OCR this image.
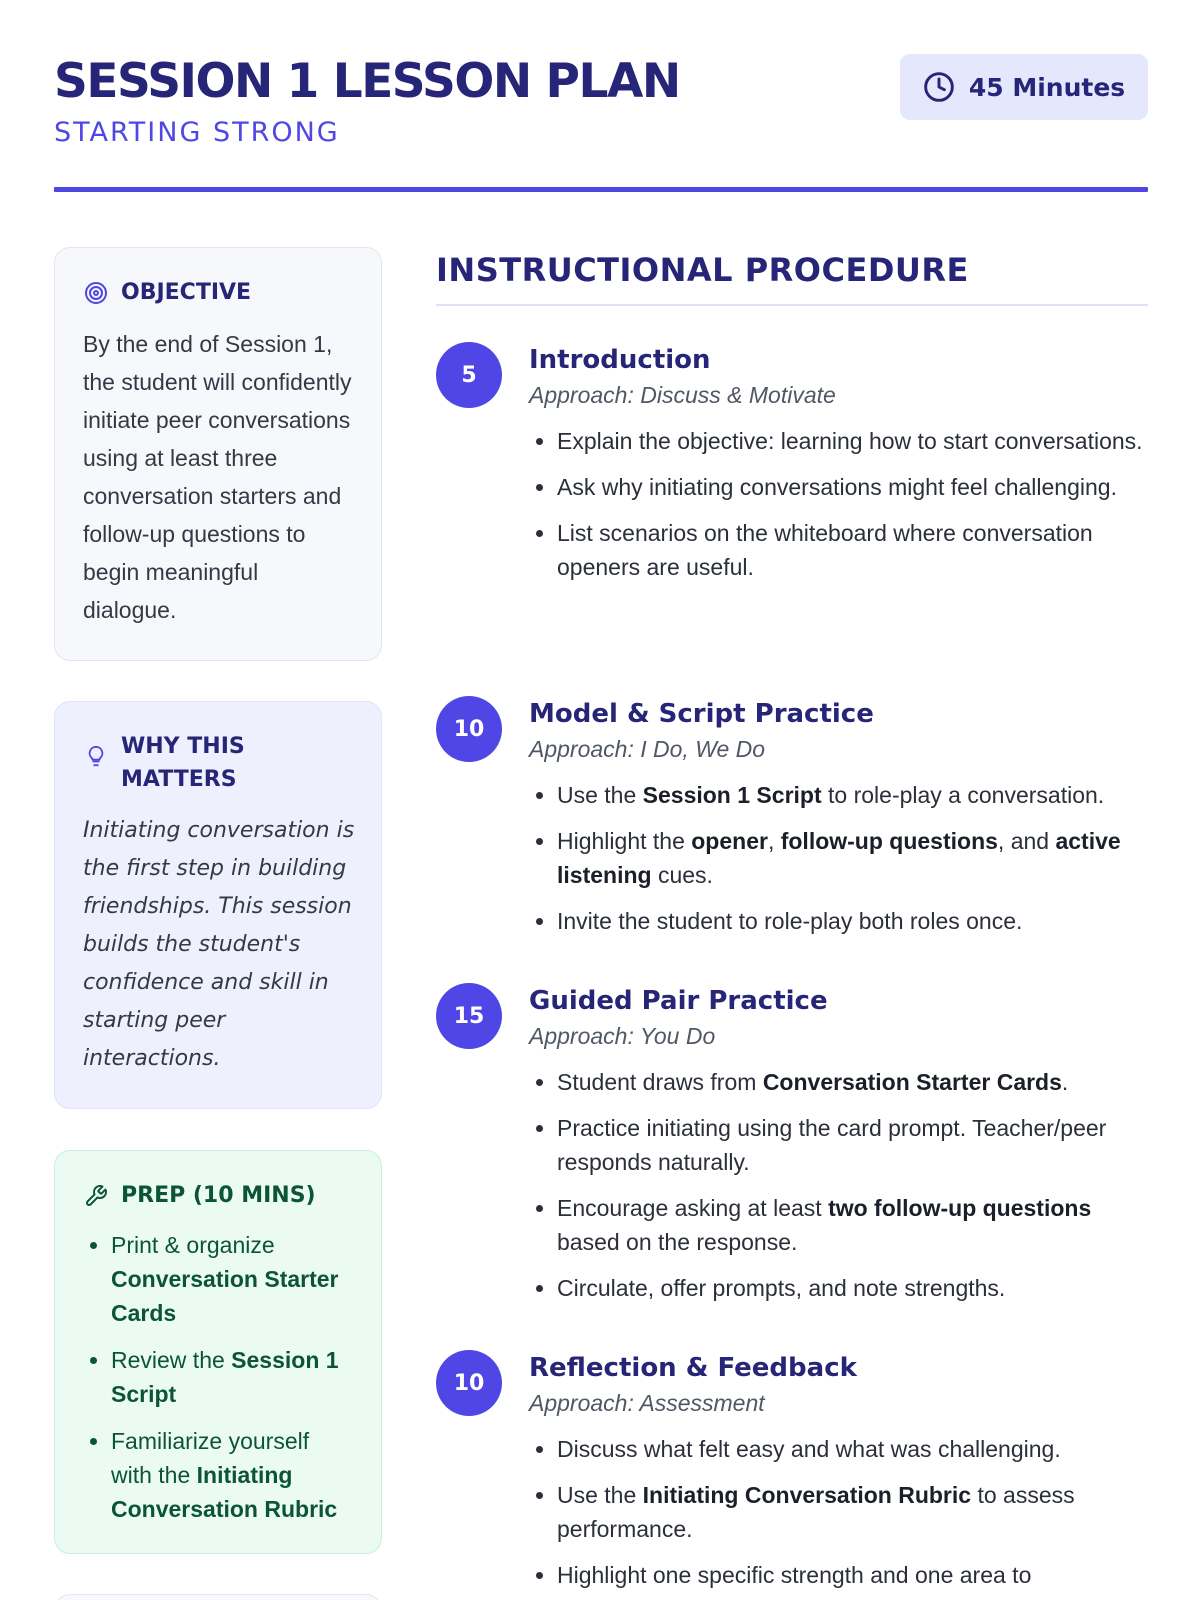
SESSION 1 LESSON PLAN
STARTING STRONG
45 Minutes
OBJECTIVE
By the end of Session 1, the student will confidently initiate peer conversations using at least three conversation starters and follow-up questions to begin meaningful dialogue.
WHY THIS
MATTERS
Initiating conversation is the first step in building friendships. This session builds the student's confidence and skill in starting peer interactions.
PREP (10 MINS)
• Print & organize Conversation Starter Cards
• Review the Session 1 Script
• Familiarize yourself with the Initiating Conversation Rubric
INSTRUCTIONAL PROCEDURE
5	Introduction
Approach: Discuss & Motivate
• Explain the objective: learning how to start conversations.
• Ask why initiating conversations might feel challenging.
• List scenarios on the whiteboard where conversation openers are useful.
10	Model & Script Practice
Approach: I Do, We Do
• Use the Session 1 Script to role-play a conversation.
• Highlight the opener, follow-up questions, and active listening cues.
• Invite the student to role-play both roles once.
15	Guided Pair Practice
Approach: You Do
• Student draws from Conversation Starter Cards.
• Practice initiating using the card prompt. Teacher/peer responds naturally.
• Encourage asking at least two follow-up questions based on the response.
• Circulate, offer prompts, and note strengths.
10	Reflection & Feedback
Approach: Assessment
• Discuss what felt easy and what was challenging.
• Use the Initiating Conversation Rubric to assess performance.
• Highlight one specific strength and one area to
